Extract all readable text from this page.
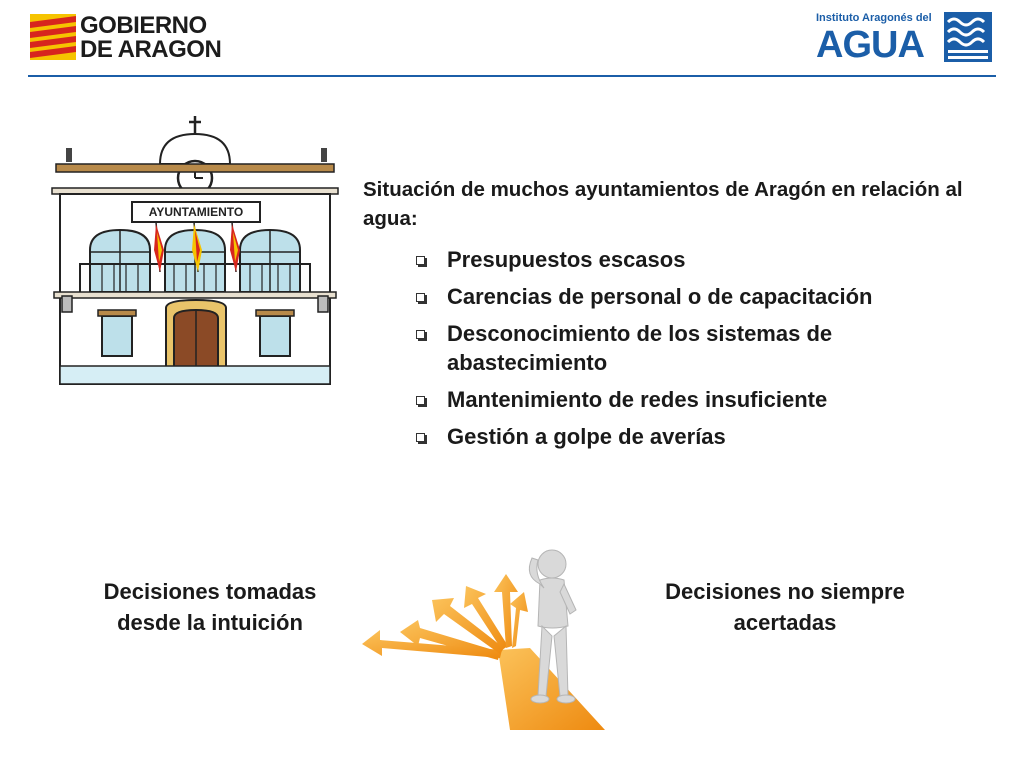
GOBIERNO
DE ARAGON
Instituto Aragonés del
AGUA
AYUNTAMIENTO
Situación de muchos ayuntamientos de Aragón en relación al agua:
Presupuestos escasos
Carencias de personal o de capacitación
Desconocimiento de los sistemas de abastecimiento
Mantenimiento de redes insuficiente
Gestión a golpe de averías
Decisiones tomadas desde la intuición
Decisiones no siempre acertadas
